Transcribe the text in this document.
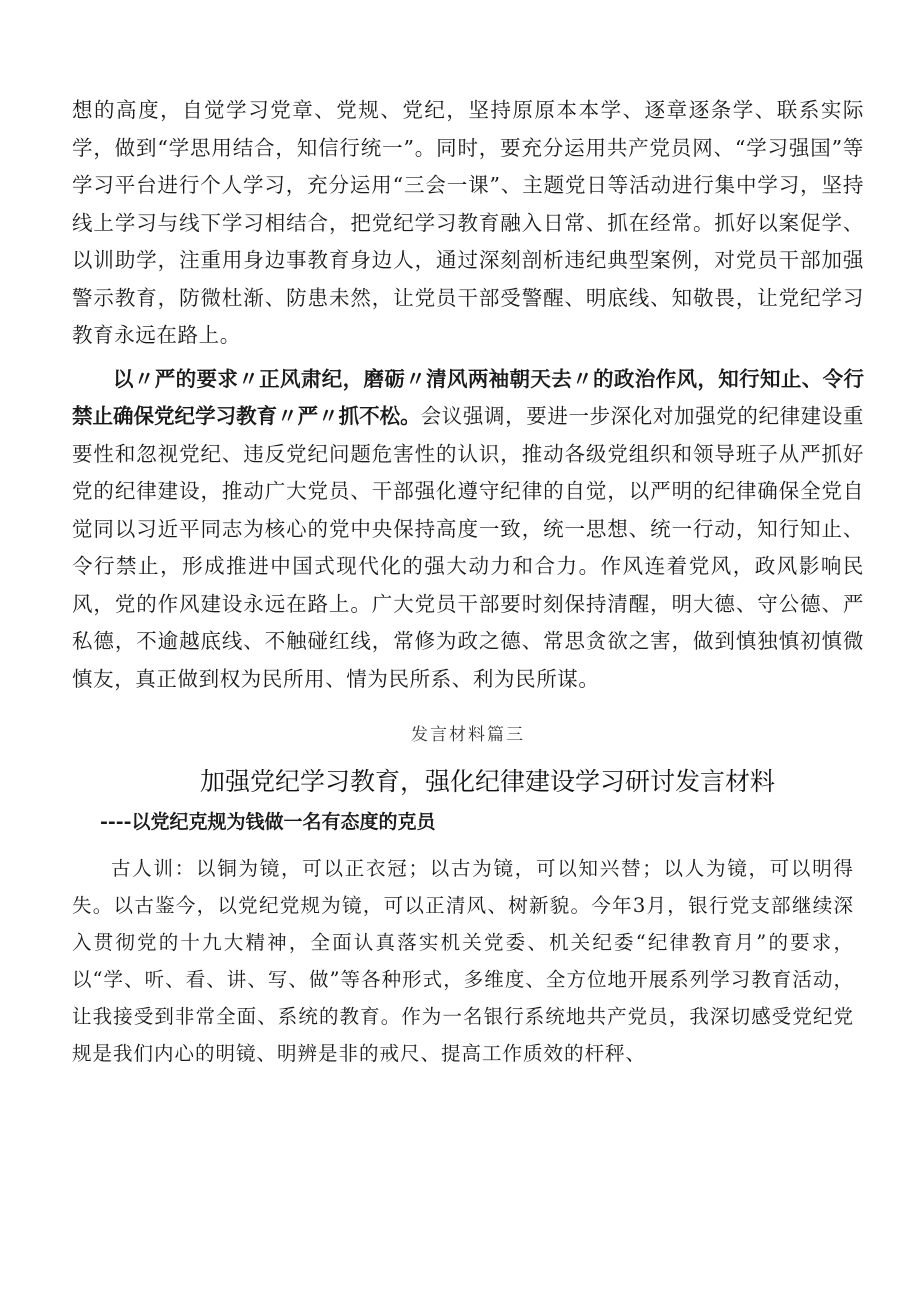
想的高度，自觉学习党章、党规、党纪，坚持原原本本学、逐章逐条学、联系实际学，做到“学思用结合，知信行统一”。同时，要充分运用共产党员网、“学习强国”等学习平台进行个人学习，充分运用“三会一课”、主题党日等活动进行集中学习，坚持线上学习与线下学习相结合，把党纪学习教育融入日常、抓在经常。抓好以案促学、以训助学，注重用身边事教育身边人，通过深刻剖析违纪典型案例，对党员干部加强警示教育，防微杜渐、防患未然，让党员干部受警醒、明底线、知敬畏，让党纪学习教育永远在路上。

以〃严的要求〃正风肃纪，磨砺〃清风两袖朝天去〃的政治作风，知行知止、令行禁止确保党纪学习教育〃严〃抓不松。会议强调，要进一步深化对加强党的纪律建设重要性和忽视党纪、违反党纪问题危害性的认识，推动各级党组织和领导班子从严抓好党的纪律建设，推动广大党员、干部强化遵守纪律的自觉，以严明的纪律确保全党自觉同以习近平同志为核心的党中央保持高度一致，统一思想、统一行动，知行知止、令行禁止，形成推进中国式现代化的强大动力和合力。作风连着党风，政风影响民风，党的作风建设永远在路上。广大党员干部要时刻保持清醒，明大德、守公德、严私德，不逾越底线、不触碰红线，常修为政之德、常思贪欲之害，做到慎独慎初慎微慎友，真正做到权为民所用、情为民所系、利为民所谋。

发言材料篇三
加强党纪学习教育，强化纪律建设学习研讨发言材料
----以党纪克规为钱做一名有态度的克员

古人训：以铜为镜，可以正衣冠；以古为镜，可以知兴替；以人为镜，可以明得失。以古鉴今，以党纪党规为镜，可以正清风、树新貌。今年3月，银行党支部继续深入贯彻党的十九大精神，全面认真落实机关党委、机关纪委“纪律教育月”的要求，以“学、听、看、讲、写、做”等各种形式，多维度、全方位地开展系列学习教育活动，让我接受到非常全面、系统的教育。作为一名银行系统地共产党员，我深切感受党纪党规是我们内心的明镜、明辨是非的戒尺、提高工作质效的杆秤、
